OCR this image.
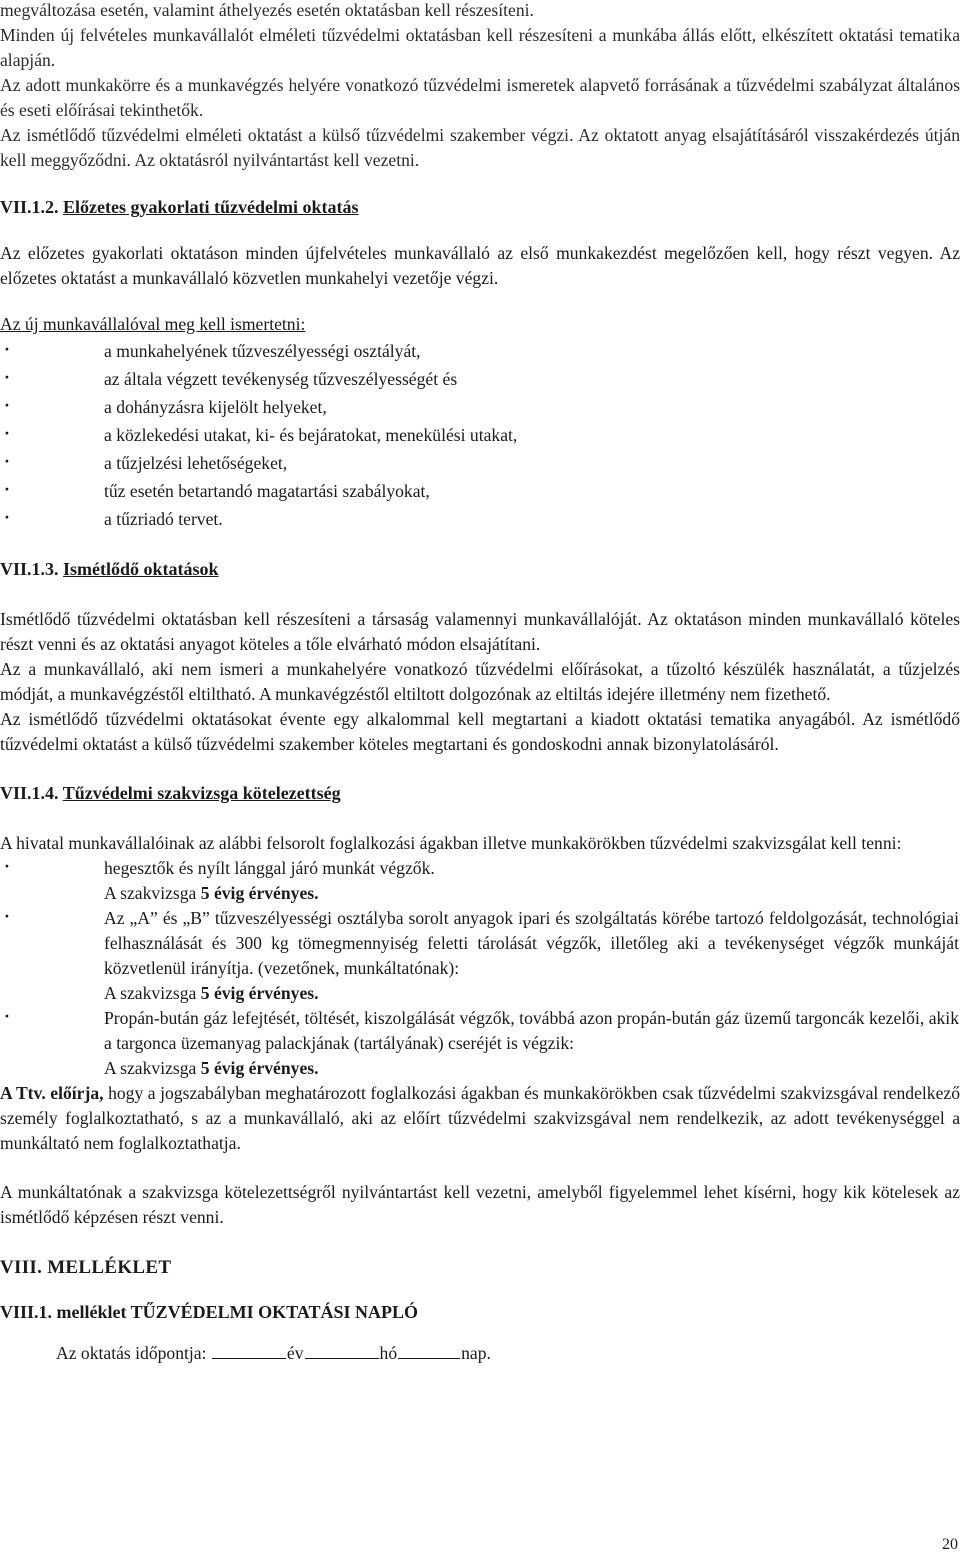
megváltozása esetén, valamint áthelyezés esetén oktatásban kell részesíteni.

Minden új felvételes munkavállalót elméleti tűzvédelmi oktatásban kell részesíteni a munkába állás előtt, elkészített oktatási tematika alapján.

Az adott munkakörre és a munkavégzés helyére vonatkozó tűzvédelmi ismeretek alapvető forrásának a tűzvédelmi szabályzat általános és eseti előírásai tekinthetők.

Az ismétlődő tűzvédelmi elméleti oktatást a külső tűzvédelmi szakember végzi. Az oktatott anyag elsajátításáról visszakérdezés útján kell meggyőződni. Az oktatásról nyilvántartást kell vezetni.

VII.1.2. Előzetes gyakorlati tűzvédelmi oktatás

Az előzetes gyakorlati oktatáson minden újfelvételes munkavállaló az első munkakezdést megelőzően kell, hogy részt vegyen. Az előzetes oktatást a munkavállaló közvetlen munkahelyi vezetője végzi.

Az új munkavállalóval meg kell ismertetni:

· a munkahelyének tűzveszélyességi osztályát,
· az általa végzett tevékenység tűzveszélyességét és
· a dohányzásra kijelölt helyeket,
· a közlekedési utakat, ki- és bejáratokat, menekülési utakat,
· a tűzjelzési lehetőségeket,
· tűz esetén betartandó magatartási szabályokat,
· a tűzriadó tervet.
VII.1.3. Ismétlődő oktatások

Ismétlődő tűzvédelmi oktatásban kell részesíteni a társaság valamennyi munkavállalóját. Az oktatáson minden munkavállaló köteles részt venni és az oktatási anyagot köteles a tőle elvárható módon elsajátítani.

Az a munkavállaló, aki nem ismeri a munkahelyére vonatkozó tűzvédelmi előírásokat, a tűzoltó készülék használatát, a tűzjelzés módját, a munkavégzéstől eltiltható. A munkavégzéstől eltiltott dolgozónak az eltiltás idejére illetmény nem fizethető.

Az ismétlődő tűzvédelmi oktatásokat évente egy alkalommal kell megtartani a kiadott oktatási tematika anyagából. Az ismétlődő tűzvédelmi oktatást a külső tűzvédelmi szakember köteles megtartani és gondoskodni annak bizonylatolásáról.

VII.1.4. Tűzvédelmi szakvizsga kötelezettség

A hivatal munkavállalóinak az alábbi felsorolt foglalkozási ágakban illetve munkakörökben tűzvédelmi szakvizsgálat kell tenni:

· hegesztők és nyílt lánggal járó munkát végzők.
A szakvizsga 5 évig érvényes.
· Az „A” és „B” tűzveszélyességi osztályba sorolt anyagok ipari és szolgáltatás körébe tartozó feldolgozását, technológiai felhasználását és 300 kg tömegmennyiség feletti tárolását végzők, illetőleg aki a tevékenységet végzők munkáját közvetlenül irányítja. (vezetőnek, munkáltatónak):
A szakvizsga 5 évig érvényes.
· Propán-bután gáz lefejtését, töltését, kiszolgálását végzők, továbbá azon propán-bután gáz üzemű targoncák kezelői, akik a targonca üzemanyag palackjának (tartályának) cseréjét is végzik:
A szakvizsga 5 évig érvényes.

A Ttv. előírja, hogy a jogszabályban meghatározott foglalkozási ágakban és munkakörökben csak tűzvédelmi szakvizsgával rendelkező személy foglalkoztatható, s az a munkavállaló, aki az előírt tűzvédelmi szakvizsgával nem rendelkezik, az adott tevékenységgel a munkáltató nem foglalkoztathatja.

A munkáltatónak a szakvizsga kötelezettségről nyilvántartást kell vezetni, amelyből figyelemmel lehet kísérni, hogy kik kötelesek az ismétlődő képzésen részt venni.

VIII. MELLÉKLET
VIII.1. melléklet TŰZVÉDELMI OKTATÁSI NAPLÓ

Az oktatás időpontja:	év	hó	nap.

20
